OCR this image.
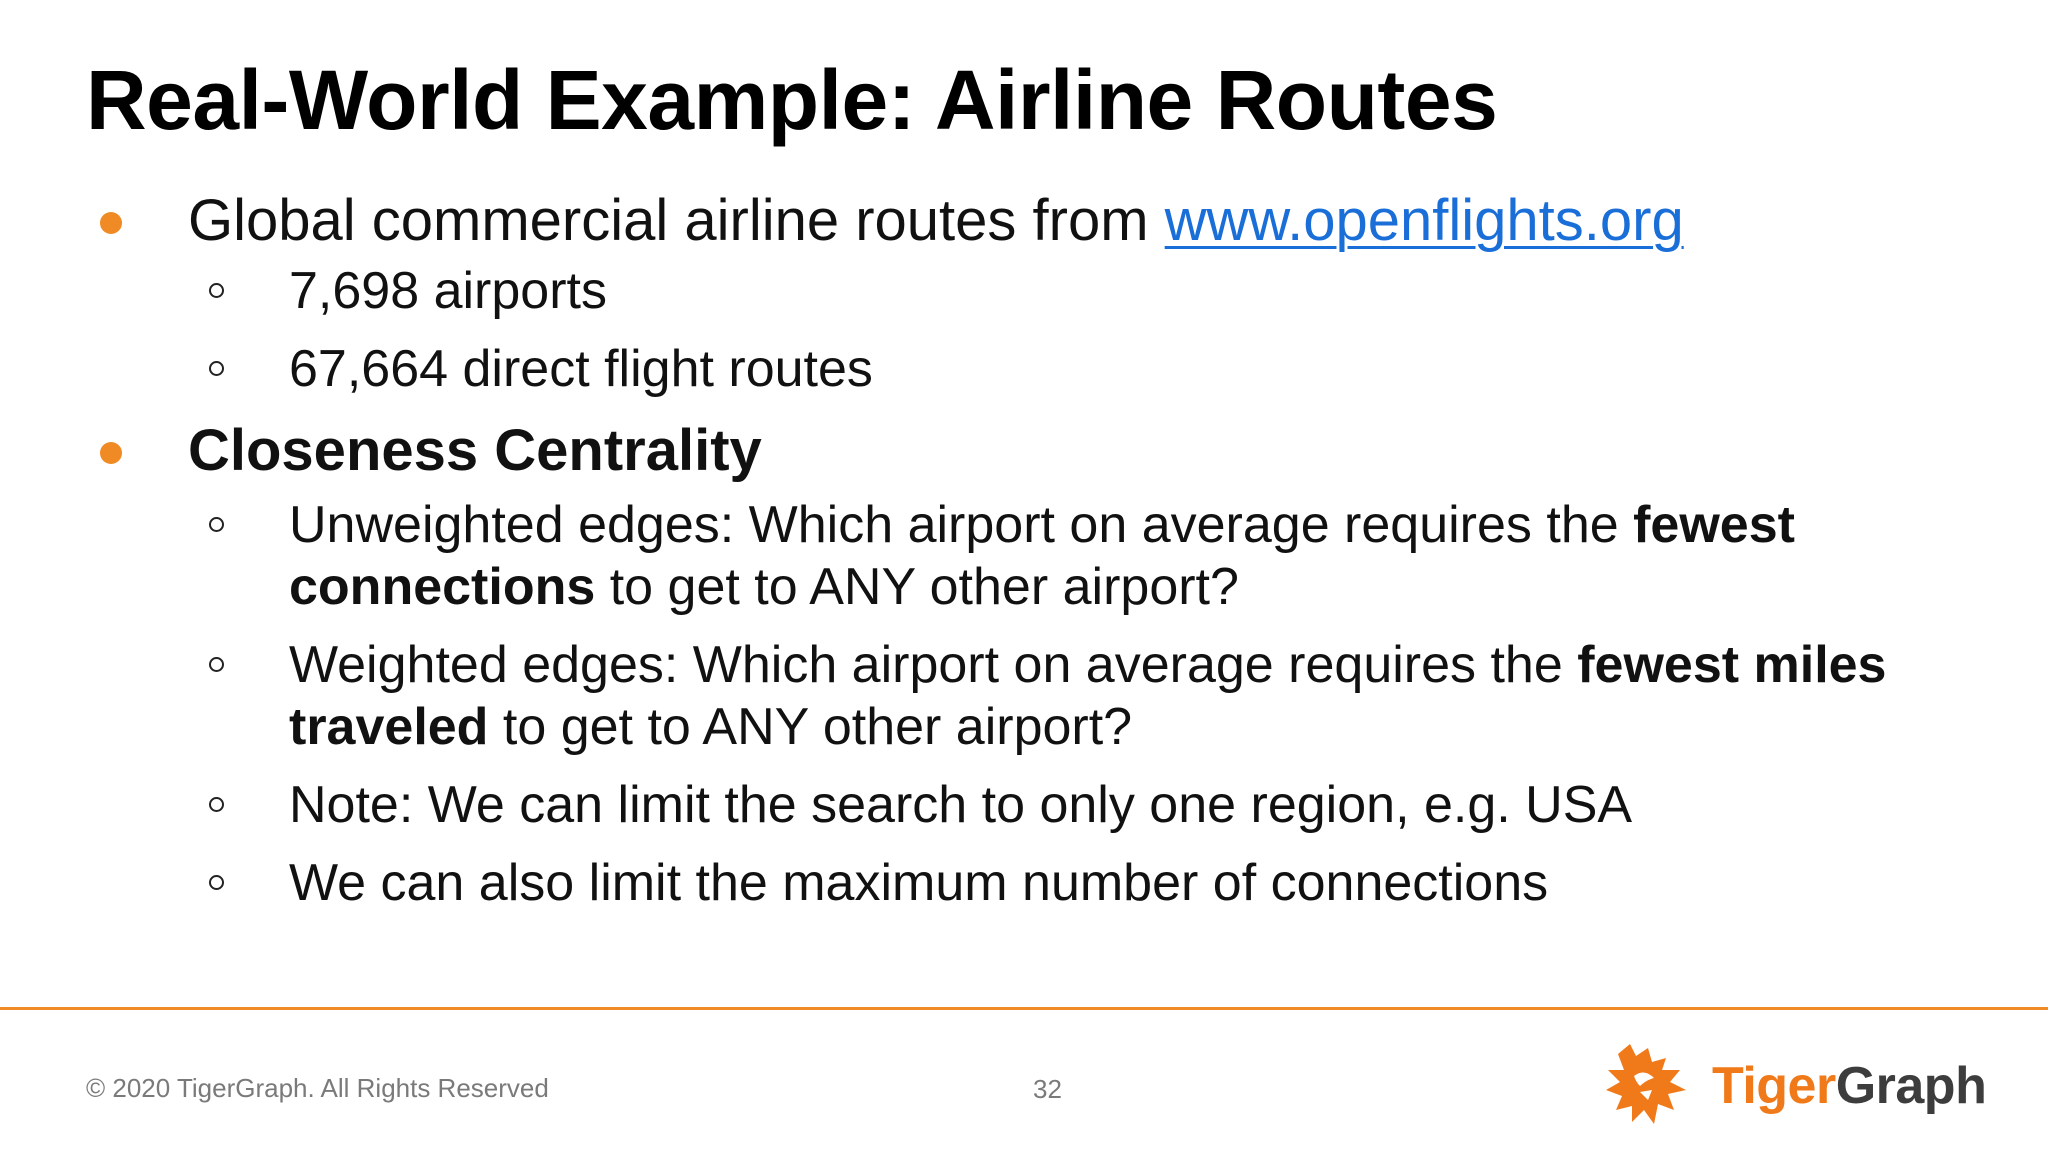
Real-World Example: Airline Routes
Global commercial airline routes from www.openflights.org
7,698 airports
67,664 direct flight routes
Closeness Centrality
Unweighted edges: Which airport on average requires the fewest connections to get to ANY other airport?
Weighted edges: Which airport on average requires the fewest miles traveled to get to ANY other airport?
Note: We can limit the search to only one region, e.g. USA
We can also limit the maximum number of connections
© 2020 TigerGraph. All Rights Reserved	32	TigerGraph
